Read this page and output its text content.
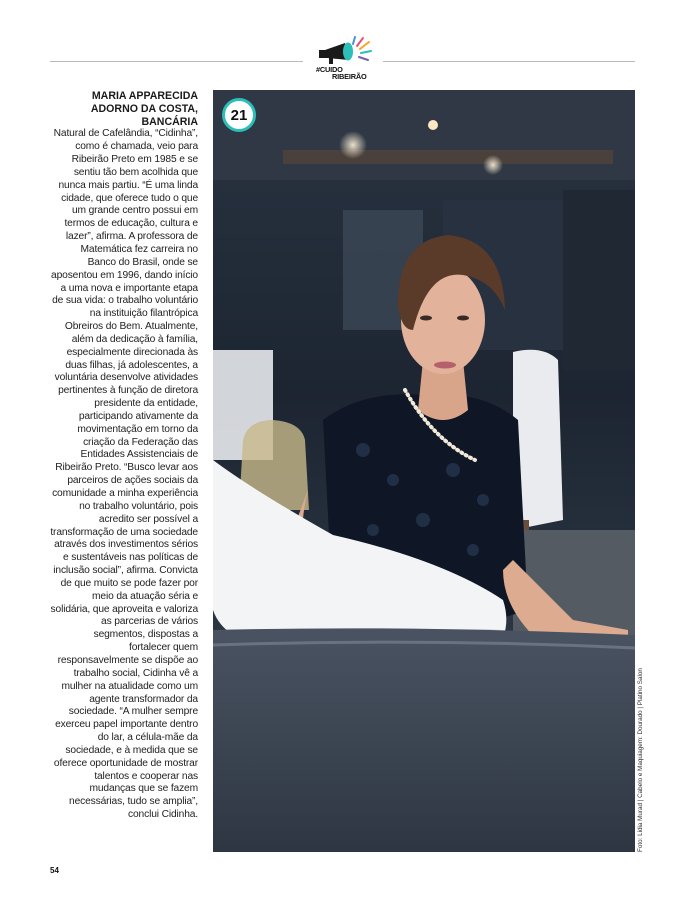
#CUIDO
RIBEIRÃO
MARIA APPARECIDA ADORNO DA COSTA, BANCÁRIA

Natural de Cafelândia, “Cidinha”, como é chamada, veio para Ribeirão Preto em 1985 e se sentiu tão bem acolhida que nunca mais partiu. “É uma linda cidade, que oferece tudo o que um grande centro possui em termos de educação, cultura e lazer”, afirma. A professora de Matemática fez carreira no Banco do Brasil, onde se aposentou em 1996, dando início a uma nova e importante etapa de sua vida: o trabalho voluntário na instituição filantrópica Obreiros do Bem. Atualmente, além da dedicação à família, especialmente direcionada às duas filhas, já adolescentes, a voluntária desenvolve atividades pertinentes à função de diretora presidente da entidade, participando ativamente da movimentação em torno da criação da Federação das Entidades Assistenciais de Ribeirão Preto. “Busco levar aos parceiros de ações sociais da comunidade a minha experiência no trabalho voluntário, pois acredito ser possível a transformação de uma sociedade através dos investimentos sérios e sustentáveis nas políticas de inclusão social”, afirma. Convicta de que muito se pode fazer por meio da atuação séria e solidária, que aproveita e valoriza as parcerias de vários segmentos, dispostas a fortalecer quem responsavelmente se dispõe ao trabalho social, Cidinha vê a mulher na atualidade como um agente transformador da sociedade. “A mulher sempre exerceu papel importante dentro do lar, a célula-mãe da sociedade, e à medida que se oferece oportunidade de mostrar talentos e cooperar nas mudanças que se fazem necessárias, tudo se amplia”, conclui Cidinha.

21
Foto: Lidia Murad | Cabelo e Maquiagem: Dourado | Platino Salon
54
